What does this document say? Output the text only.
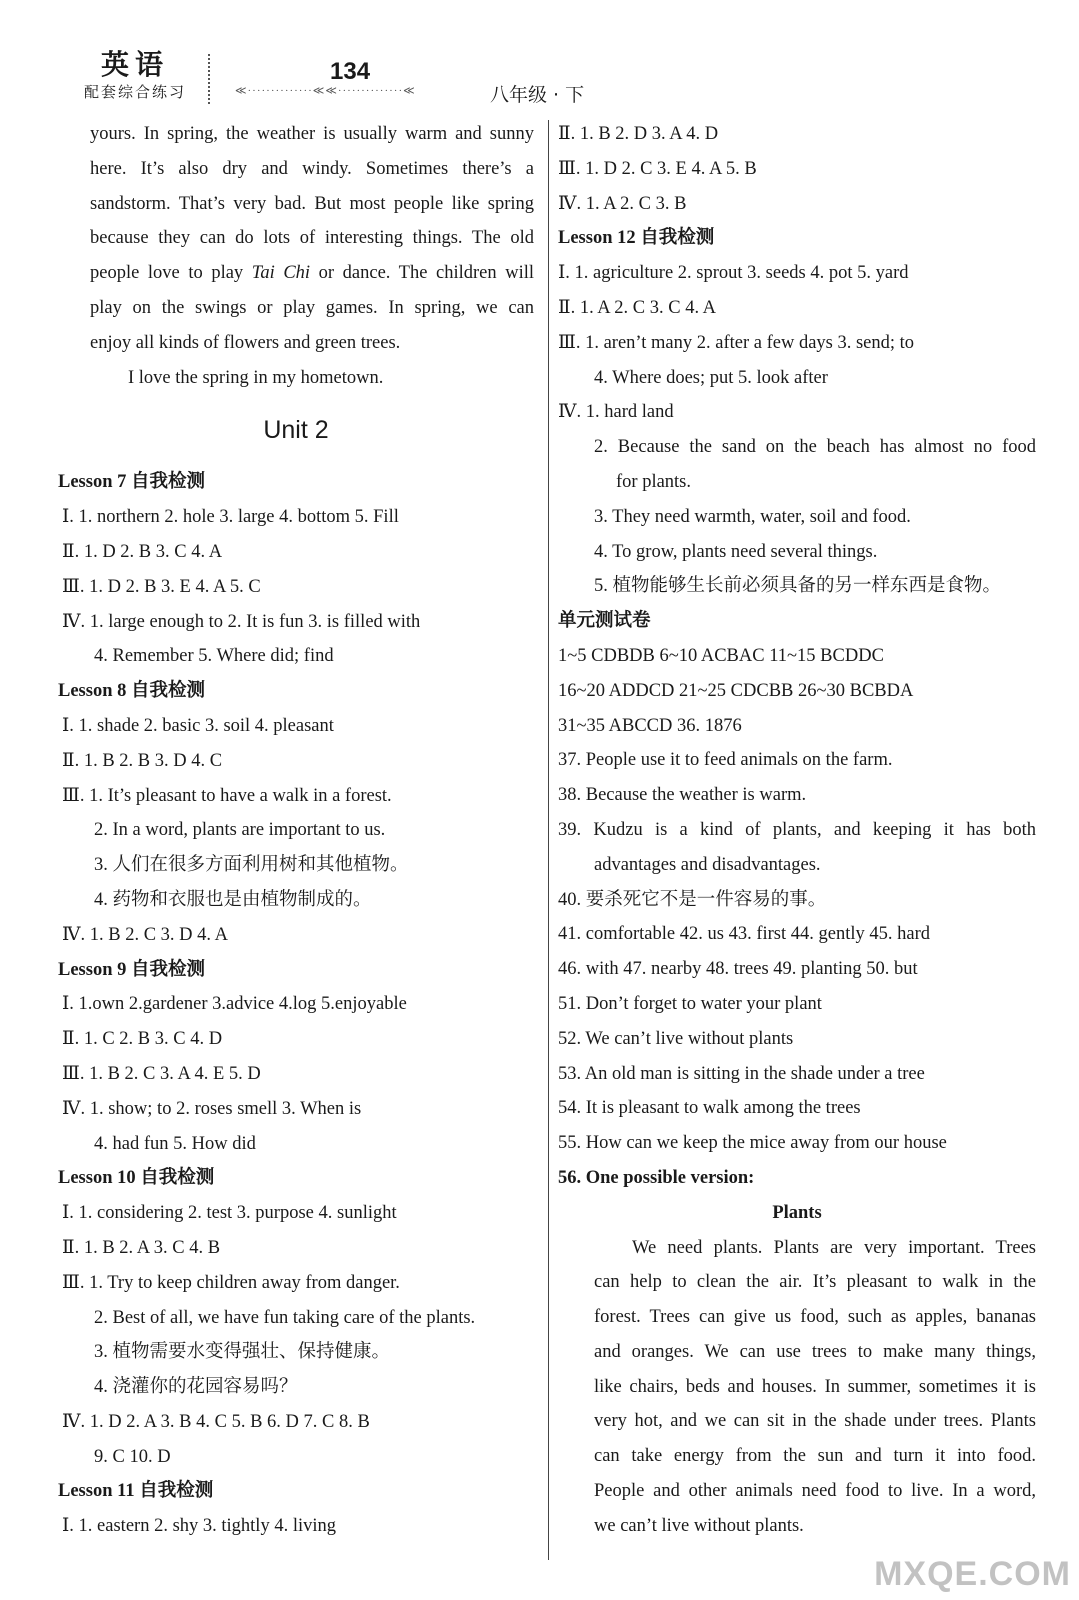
英语
配套综合练习	≪··············≪≪··············≪
134
八年级 · 下
yours. In spring, the weather is usually warm and sunny
here. It’s also dry and windy. Sometimes there’s a
sandstorm. That’s very bad. But most people like spring
because they can do lots of interesting things. The old
people love to play Tai Chi or dance. The children will
play on the swings or play games. In spring, we can
enjoy all kinds of flowers and green trees.
I love the spring in my hometown.
Unit 2
Lesson 7 自我检测
Ⅰ. 1. northern 2. hole 3. large 4. bottom 5. Fill
Ⅱ. 1. D 2. B 3. C 4. A
Ⅲ. 1. D 2. B 3. E 4. A 5. C
Ⅳ. 1. large enough to 2. It is fun 3. is filled with
4. Remember 5. Where did; find
Lesson 8 自我检测
Ⅰ. 1. shade 2. basic 3. soil 4. pleasant
Ⅱ. 1. B 2. B 3. D 4. C
Ⅲ. 1. It’s pleasant to have a walk in a forest.
2. In a word, plants are important to us.
3. 人们在很多方面利用树和其他植物。
4. 药物和衣服也是由植物制成的。
Ⅳ. 1. B 2. C 3. D 4. A
Lesson 9 自我检测
Ⅰ. 1.own 2.gardener 3.advice 4.log 5.enjoyable
Ⅱ. 1. C 2. B 3. C 4. D
Ⅲ. 1. B 2. C 3. A 4. E 5. D
Ⅳ. 1. show; to 2. roses smell 3. When is
4. had fun 5. How did
Lesson 10 自我检测
Ⅰ. 1. considering 2. test 3. purpose 4. sunlight
Ⅱ. 1. B 2. A 3. C 4. B
Ⅲ. 1. Try to keep children away from danger.
2. Best of all, we have fun taking care of the plants.
3. 植物需要水变得强壮、保持健康。
4. 浇灌你的花园容易吗？
Ⅳ. 1. D 2. A 3. B 4. C 5. B 6. D 7. C 8. B
9. C 10. D
Lesson 11 自我检测
Ⅰ. 1. eastern 2. shy 3. tightly 4. living
Ⅱ. 1. B 2. D 3. A 4. D
Ⅲ. 1. D 2. C 3. E 4. A 5. B
Ⅳ. 1. A 2. C 3. B
Lesson 12 自我检测
Ⅰ. 1. agriculture 2. sprout 3. seeds 4. pot 5. yard
Ⅱ. 1. A 2. C 3. C 4. A
Ⅲ. 1. aren’t many 2. after a few days 3. send; to
4. Where does; put 5. look after
Ⅳ. 1. hard land
2. Because the sand on the beach has almost no food
for plants.
3. They need warmth, water, soil and food.
4. To grow, plants need several things.
5. 植物能够生长前必须具备的另一样东西是食物。
单元测试卷
1~5 CDBDB 6~10 ACBAC 11~15 BCDDC
16~20 ADDCD 21~25 CDCBB 26~30 BCBDA
31~35 ABCCD 36. 1876
37. People use it to feed animals on the farm.
38. Because the weather is warm.
39. Kudzu is a kind of plants, and keeping it has both
advantages and disadvantages.
40. 要杀死它不是一件容易的事。
41. comfortable 42. us 43. first 44. gently 45. hard
46. with 47. nearby 48. trees 49. planting 50. but
51. Don’t forget to water your plant
52. We can’t live without plants
53. An old man is sitting in the shade under a tree
54. It is pleasant to walk among the trees
55. How can we keep the mice away from our house
56. One possible version:
Plants
We need plants. Plants are very important. Trees
can help to clean the air. It’s pleasant to walk in the
forest. Trees can give us food, such as apples, bananas
and oranges. We can use trees to make many things,
like chairs, beds and houses. In summer, sometimes it is
very hot, and we can sit in the shade under trees. Plants
can take energy from the sun and turn it into food.
People and other animals need food to live. In a word,
we can’t live without plants.
MXQE.COM
